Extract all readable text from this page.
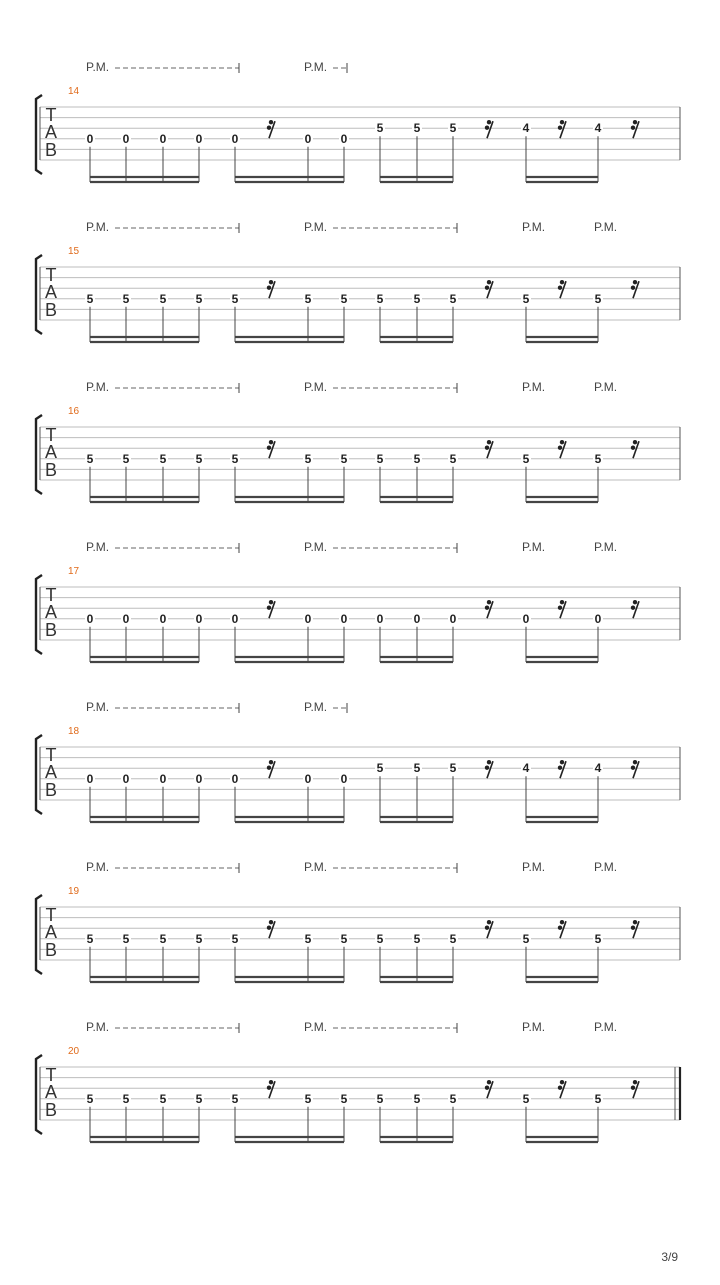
T
A
B
14
P.M.	P.M.
0 0	0 0 0	0 0
5	5 5	4	4
T
A
B
15
P.M.	P.M.	P.M.	P.M.
5 5	5 5 5	5 5 5	5 5	5	5
T
A
B
16
P.M.	P.M.	P.M.	P.M.
5 5	5 5 5	5 5 5	5 5	5	5
T
A
B
17
P.M.	P.M.	P.M.	P.M.
0 0	0 0 0	0 0 0	0 0	0	0
T
A
B
18
P.M.	P.M.
0 0	0 0 0	0 0
5	5 5	4	4
T
A
B
19
P.M.	P.M.	P.M.	P.M.
5 5	5 5 5	5 5 5	5 5	5	5
T
A
B
20
P.M.	P.M.	P.M.	P.M.
5 5	5 5 5	5 5 5	5 5	5	5
3/9
